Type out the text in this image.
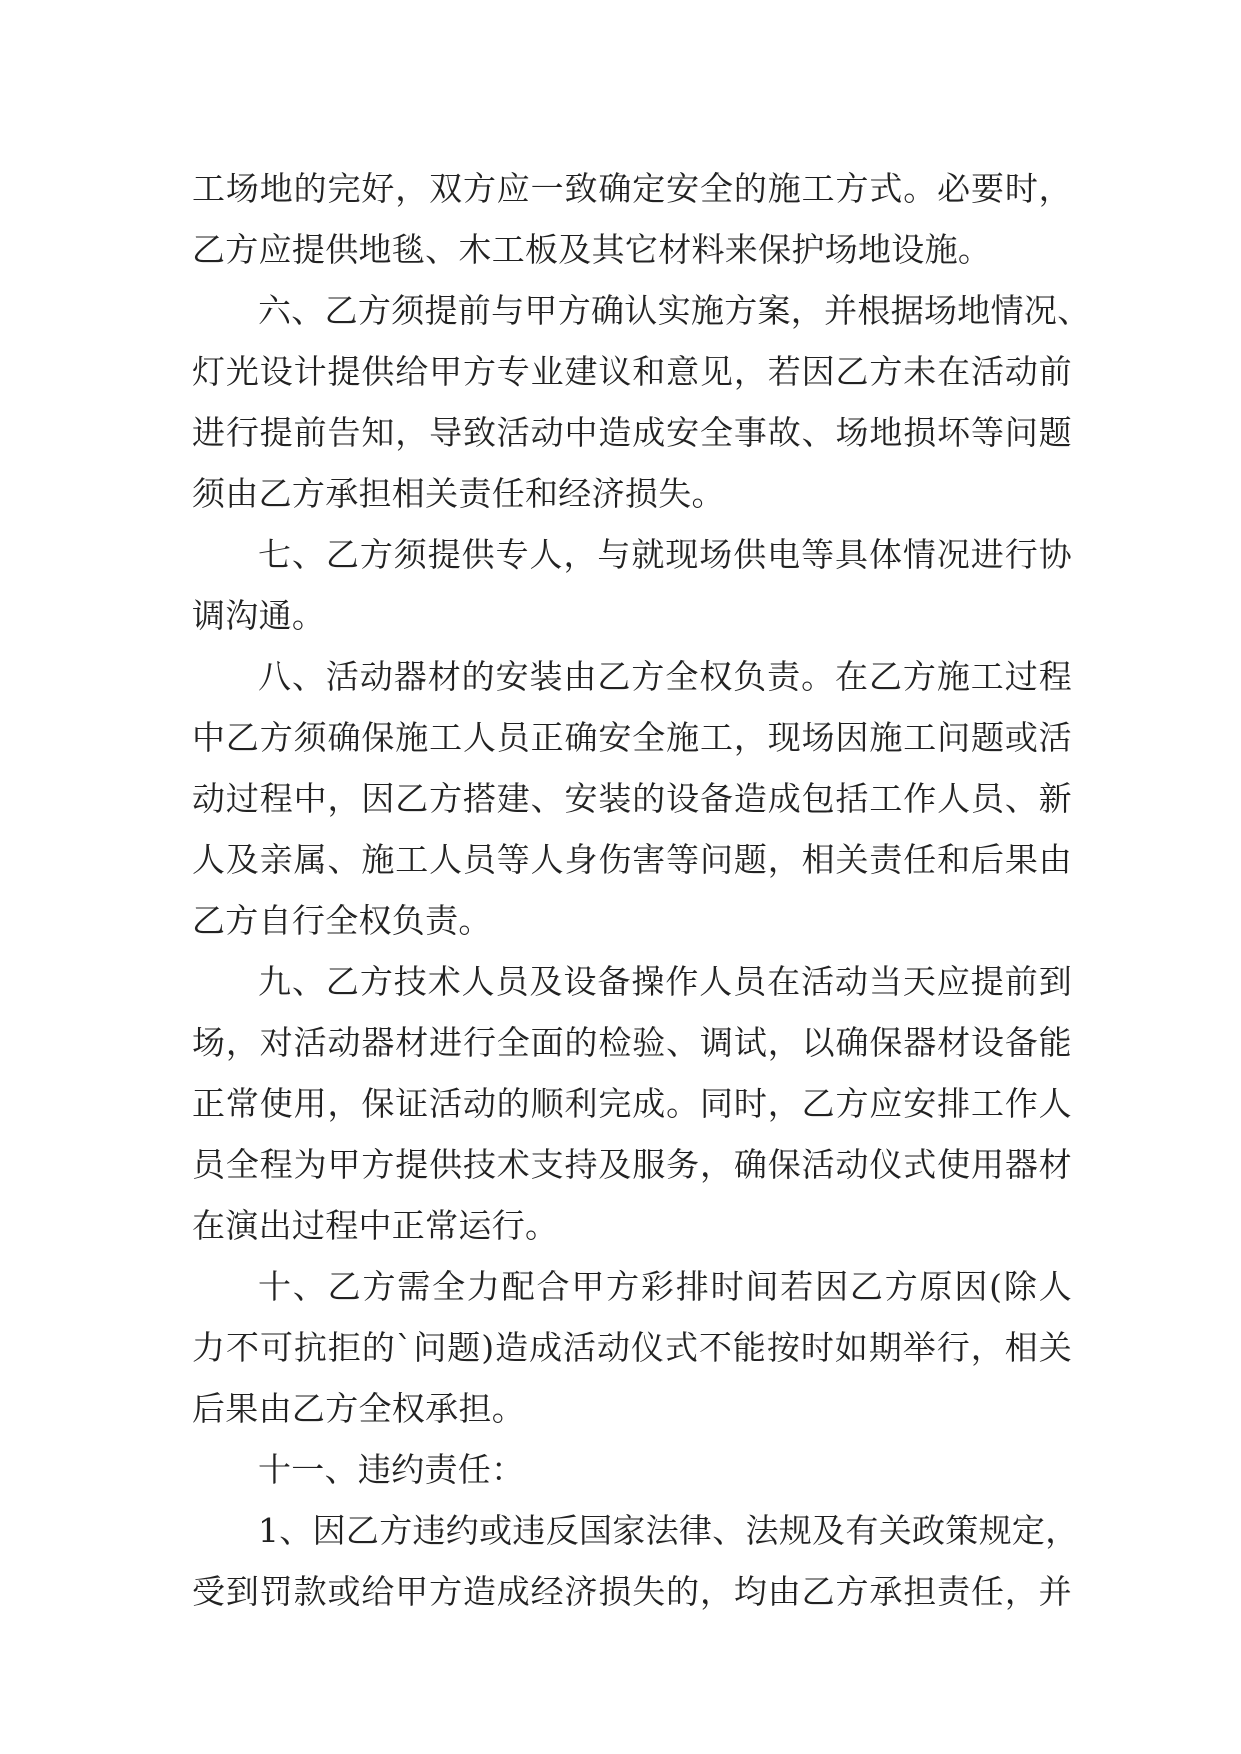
工场地的完好，双方应一致确定安全的施工方式。必要时，
乙方应提供地毯、木工板及其它材料来保护场地设施。
六、乙方须提前与甲方确认实施方案，并根据场地情况、
灯光设计提供给甲方专业建议和意见，若因乙方未在活动前
进行提前告知，导致活动中造成安全事故、场地损坏等问题
须由乙方承担相关责任和经济损失。
七、乙方须提供专人，与就现场供电等具体情况进行协
调沟通。
八、活动器材的安装由乙方全权负责。在乙方施工过程
中乙方须确保施工人员正确安全施工，现场因施工问题或活
动过程中，因乙方搭建、安装的设备造成包括工作人员、新
人及亲属、施工人员等人身伤害等问题，相关责任和后果由
乙方自行全权负责。
九、乙方技术人员及设备操作人员在活动当天应提前到
场，对活动器材进行全面的检验、调试，以确保器材设备能
正常使用，保证活动的顺利完成。同时，乙方应安排工作人
员全程为甲方提供技术支持及服务，确保活动仪式使用器材
在演出过程中正常运行。
十、乙方需全力配合甲方彩排时间若因乙方原因(除人
力不可抗拒的`问题)造成活动仪式不能按时如期举行，相关
后果由乙方全权承担。
十一、违约责任：
1、因乙方违约或违反国家法律、法规及有关政策规定，
受到罚款或给甲方造成经济损失的，均由乙方承担责任，并
